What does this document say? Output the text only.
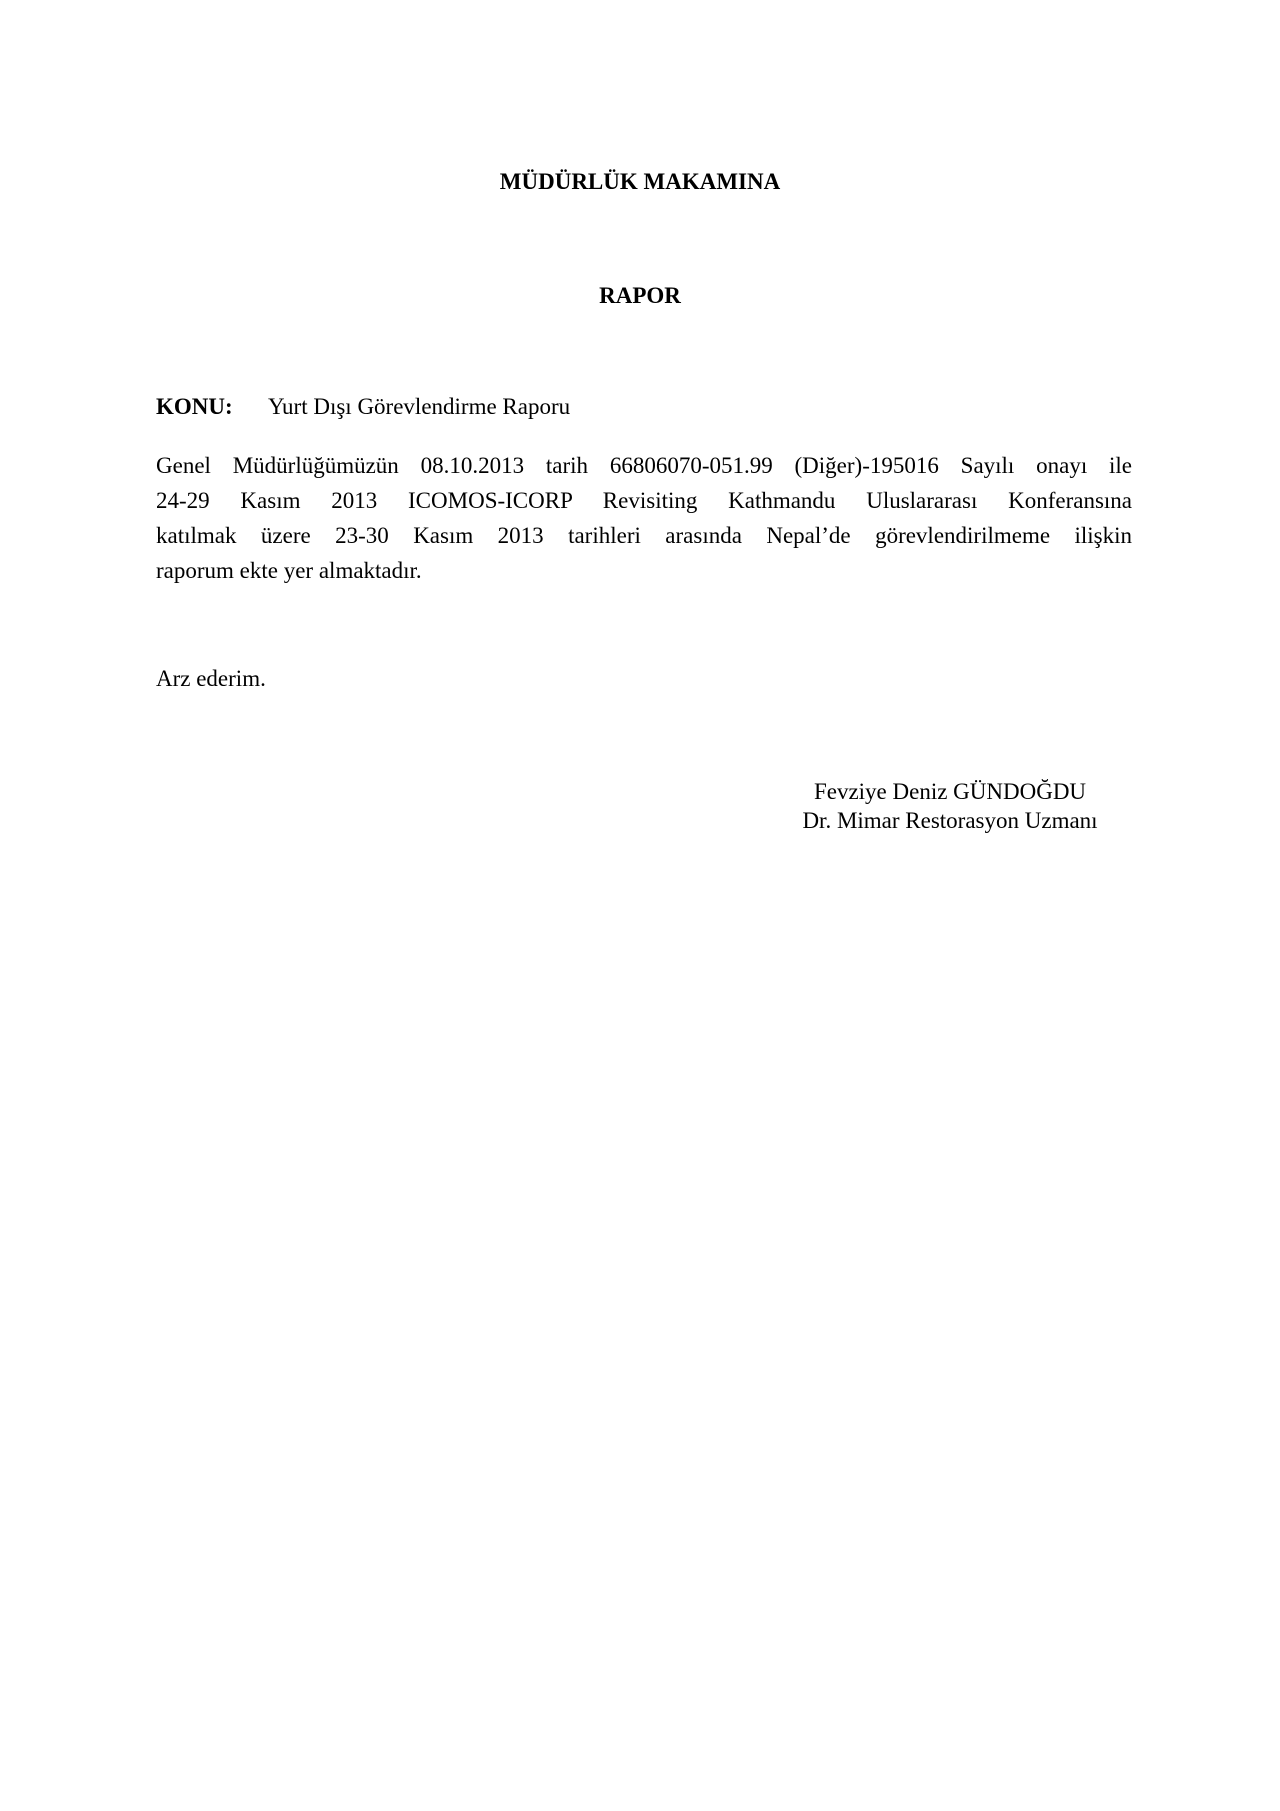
MÜDÜRLÜK MAKAMINA
RAPOR
KONU: Yurt Dışı Görevlendirme Raporu
Genel Müdürlüğümüzün 08.10.2013 tarih 66806070-051.99 (Diğer)-195016 Sayılı onayı ile
24-29 Kasım 2013 ICOMOS-ICORP Revisiting Kathmandu Uluslararası Konferansına
katılmak üzere 23-30 Kasım 2013 tarihleri arasında Nepal’de görevlendirilmeme ilişkin
raporum ekte yer almaktadır.
Arz ederim.
Fevziye Deniz GÜNDOĞDU
Dr. Mimar Restorasyon Uzmanı
